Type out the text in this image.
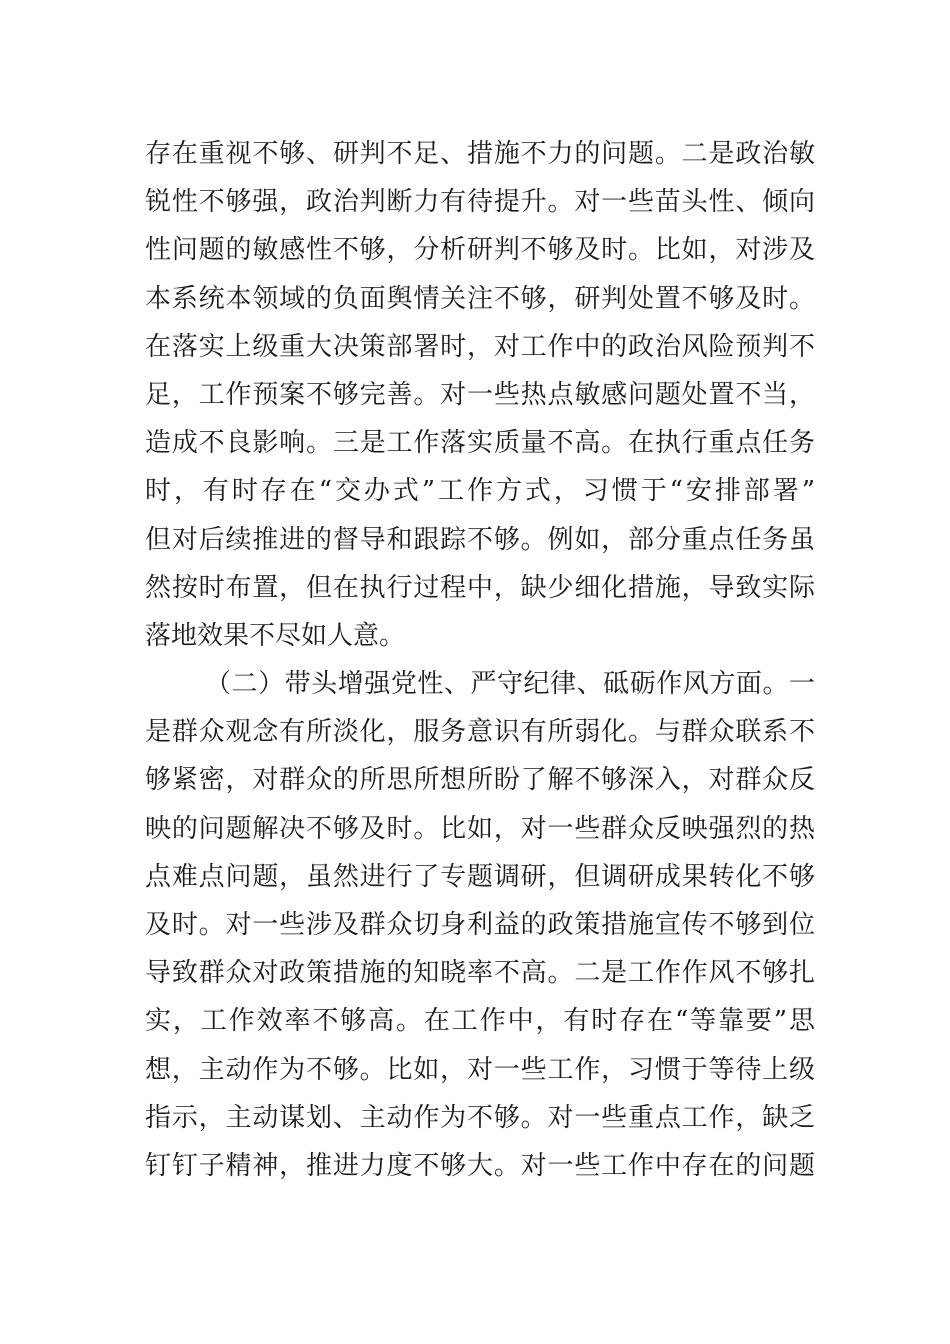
存在重视不够、研判不足、措施不力的问题。二是政治敏
锐性不够强，政治判断力有待提升。对一些苗头性、倾向
性问题的敏感性不够，分析研判不够及时。比如，对涉及
本系统本领域的负面舆情关注不够，研判处置不够及时。
在落实上级重大决策部署时，对工作中的政治风险预判不
足，工作预案不够完善。对一些热点敏感问题处置不当，
造成不良影响。三是工作落实质量不高。在执行重点任务
时，有时存在“交办式”工作方式，习惯于“安排部署”
但对后续推进的督导和跟踪不够。例如，部分重点任务虽
然按时布置，但在执行过程中，缺少细化措施，导致实际
落地效果不尽如人意。
（二）带头增强党性、严守纪律、砥砺作风方面。一
是群众观念有所淡化，服务意识有所弱化。与群众联系不
够紧密，对群众的所思所想所盼了解不够深入，对群众反
映的问题解决不够及时。比如，对一些群众反映强烈的热
点难点问题，虽然进行了专题调研，但调研成果转化不够
及时。对一些涉及群众切身利益的政策措施宣传不够到位
导致群众对政策措施的知晓率不高。二是工作作风不够扎
实，工作效率不够高。在工作中，有时存在“等靠要”思
想，主动作为不够。比如，对一些工作，习惯于等待上级
指示，主动谋划、主动作为不够。对一些重点工作，缺乏
钉钉子精神，推进力度不够大。对一些工作中存在的问题
